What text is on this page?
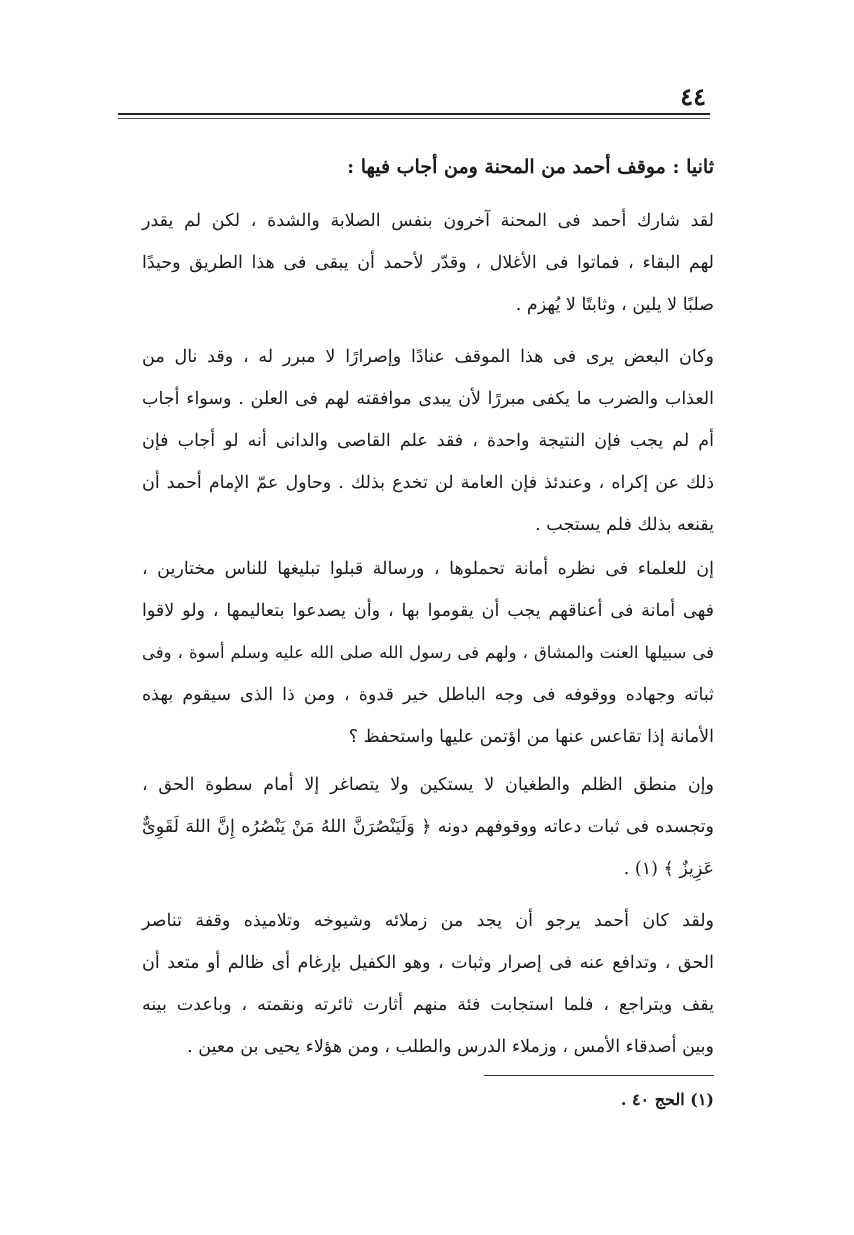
٤٤
ثانيا : موقف أحمد من المحنة ومن أجاب فيها :
لقد شارك أحمد فى المحنة آخرون بنفس الصلابة والشدة ، لكن لم يقدر
لهم البقاء ، فماتوا فى الأغلال ، وقدّر لأحمد أن يبقى فى هذا الطريق وحيدًا
صلبًا لا يلين ، وثابتًا لا يُهزم .
وكان البعض يرى فى هذا الموقف عنادًا وإصرارًا لا مبرر له ، وقد نال من
العذاب والضرب ما يكفى مبررًا لأن يبدى موافقته لهم فى العلن . وسواء أجاب
أم لم يجب فإن النتيجة واحدة ، فقد علم القاصى والدانى أنه لو أجاب فإن
ذلك عن إكراه ، وعندئذ فإن العامة لن تخدع بذلك . وحاول عمّ الإمام أحمد أن
يقنعه بذلك فلم يستجب .
إن للعلماء فى نظره أمانة تحملوها ، ورسالة قبلوا تبليغها للناس مختارين ،
فهى أمانة فى أعناقهم يجب أن يقوموا بها ، وأن يصدعوا بتعاليمها ، ولو لاقوا
فى سبيلها العنت والمشاق ، ولهم فى رسول الله صلى الله عليه وسلم أسوة ، وفى
ثباته وجهاده ووقوفه فى وجه الباطل خير قدوة ، ومن ذا الذى سيقوم بهذه
الأمانة إذا تقاعس عنها من اؤتمن عليها واستحفظ ؟
وإن منطق الظلم والطغيان لا يستكين ولا يتصاغر إلا أمام سطوة الحق ،
وتجسده فى ثبات دعاته ووقوفهم دونه ﴿ وَلَيَنْصُرَنَّ اللهُ مَنْ يَنْصُرُه إِنَّ اللهَ لَقَوِىٌّ
عَزِيزٌ ﴾ (١) .
ولقد كان أحمد يرجو أن يجد من زملائه وشيوخه وتلاميذه وقفة تناصر
الحق ، وتدافع عنه فى إصرار وثبات ، وهو الكفيل بإرغام أى ظالم أو متعد أن
يقف ويتراجع ، فلما استجابت فئة منهم أثارت ثائرته ونقمته ، وباعدت بينه
وبين أصدقاء الأمس ، وزملاء الدرس والطلب ، ومن هؤلاء يحيى بن معين .
(١) الحج ٤٠ .
